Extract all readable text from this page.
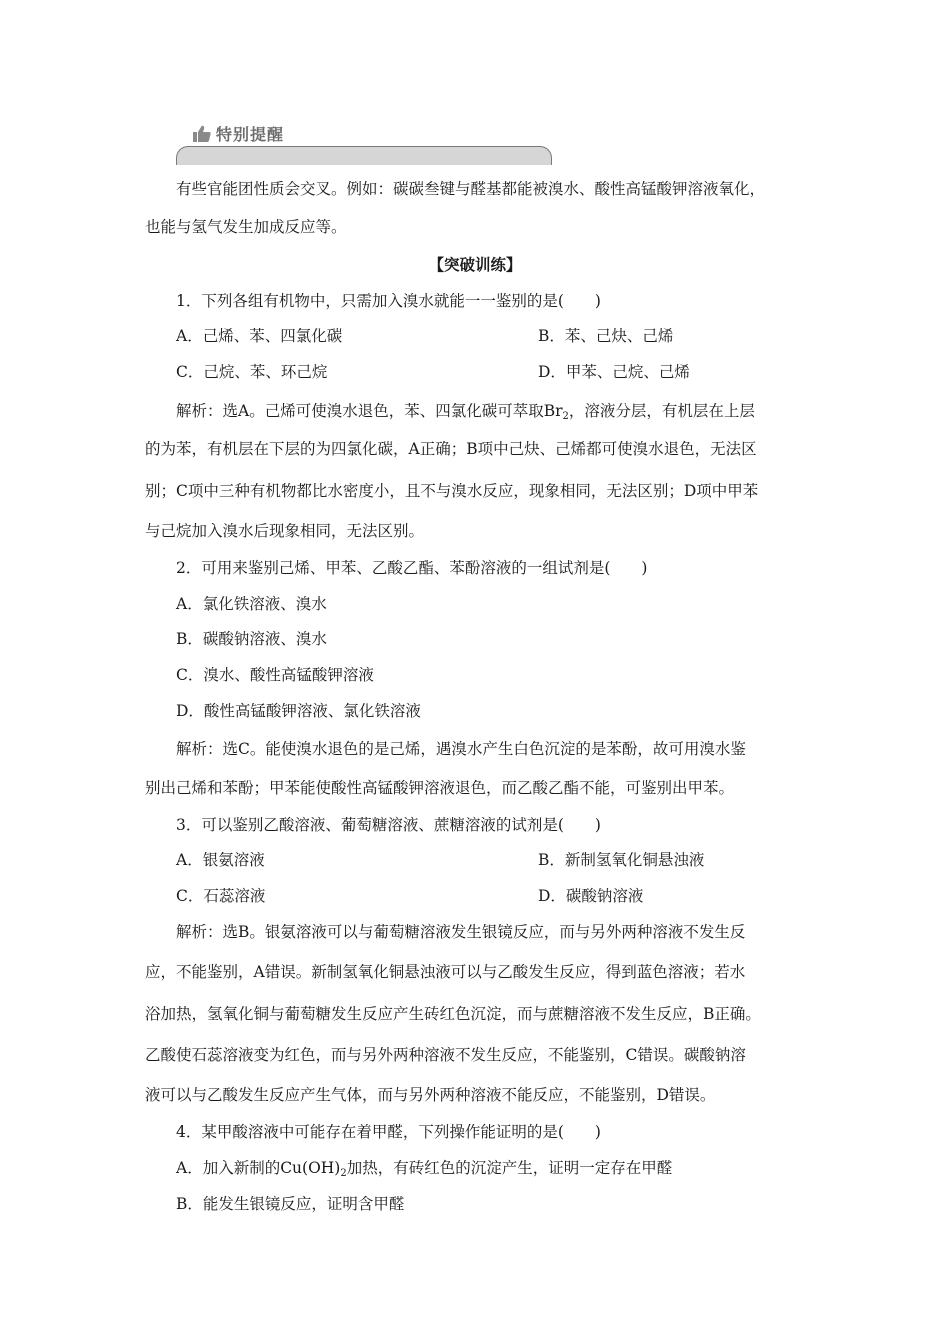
特别提醒
有些官能团性质会交叉。例如：碳碳叁键与醛基都能被溴水、酸性高锰酸钾溶液氧化，
也能与氢气发生加成反应等。
【突破训练】
1．下列各组有机物中，只需加入溴水就能一一鉴别的是(　　)
A．己烯、苯、四氯化碳	B．苯、己炔、己烯
C．己烷、苯、环己烷	D．甲苯、己烷、己烯
解析：选A。己烯可使溴水退色，苯、四氯化碳可萃取$Br_2$，溶液分层，有机层在上层
的为苯，有机层在下层的为四氯化碳，A正确；B项中己炔、己烯都可使溴水退色，无法区
别；C项中三种有机物都比水密度小，且不与溴水反应，现象相同，无法区别；D项中甲苯
与己烷加入溴水后现象相同，无法区别。
2．可用来鉴别己烯、甲苯、乙酸乙酯、苯酚溶液的一组试剂是(　　)
A．氯化铁溶液、溴水
B．碳酸钠溶液、溴水
C．溴水、酸性高锰酸钾溶液
D．酸性高锰酸钾溶液、氯化铁溶液
解析：选C。能使溴水退色的是己烯，遇溴水产生白色沉淀的是苯酚，故可用溴水鉴
别出己烯和苯酚；甲苯能使酸性高锰酸钾溶液退色，而乙酸乙酯不能，可鉴别出甲苯。
3．可以鉴别乙酸溶液、葡萄糖溶液、蔗糖溶液的试剂是(　　)
A．银氨溶液	B．新制氢氧化铜悬浊液
C．石蕊溶液	D．碳酸钠溶液
解析：选B。银氨溶液可以与葡萄糖溶液发生银镜反应，而与另外两种溶液不发生反
应，不能鉴别，A错误。新制氢氧化铜悬浊液可以与乙酸发生反应，得到蓝色溶液；若水
浴加热，氢氧化铜与葡萄糖发生反应产生砖红色沉淀，而与蔗糖溶液不发生反应，B正确。
乙酸使石蕊溶液变为红色，而与另外两种溶液不发生反应，不能鉴别，C错误。碳酸钠溶
液可以与乙酸发生反应产生气体，而与另外两种溶液不能反应，不能鉴别，D错误。
4．某甲酸溶液中可能存在着甲醛，下列操作能证明的是(　　)
A．加入新制的$Cu(OH)_2$加热，有砖红色的沉淀产生，证明一定存在甲醛
B．能发生银镜反应，证明含甲醛
